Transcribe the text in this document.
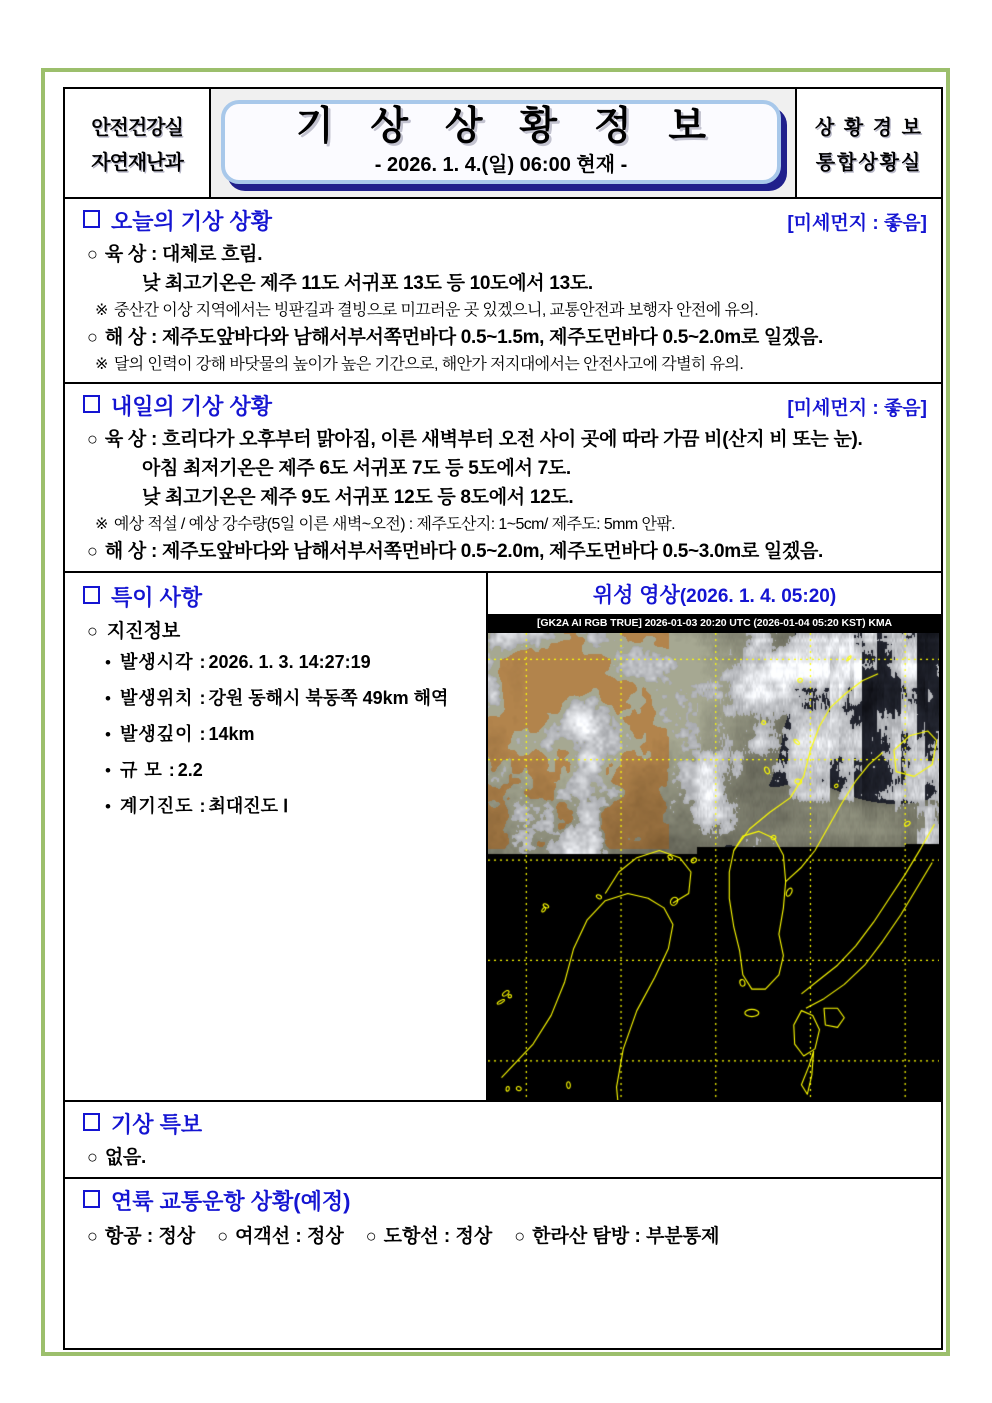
안전건강실
자연재난과
기 상 상 황 정 보
- 2026. 1. 4.(일) 06:00 현재 -
상 황 경 보
통합상황실
오늘의 기상 상황	[미세먼지 : 좋음]
○ 육 상 : 대체로 흐림.
낮 최고기온은 제주 11도 서귀포 13도 등 10도에서 13도.
※ 중산간 이상 지역에서는 빙판길과 결빙으로 미끄러운 곳 있겠으니, 교통안전과 보행자 안전에 유의.
○ 해 상 : 제주도앞바다와 남해서부서쪽먼바다 0.5~1.5m, 제주도먼바다 0.5~2.0m로 일겠음.
※ 달의 인력이 강해 바닷물의 높이가 높은 기간으로, 해안가 저지대에서는 안전사고에 각별히 유의.
내일의 기상 상황	[미세먼지 : 좋음]
○ 육 상 : 흐리다가 오후부터 맑아짐, 이른 새벽부터 오전 사이 곳에 따라 가끔 비(산지 비 또는 눈).
아침 최저기온은 제주 6도 서귀포 7도 등 5도에서 7도.
낮 최고기온은 제주 9도 서귀포 12도 등 8도에서 12도.
※ 예상 적설 / 예상 강수량(5일 이른 새벽~오전) : 제주도산지: 1~5cm/ 제주도: 5mm 안팎.
○ 해 상 : 제주도앞바다와 남해서부서쪽먼바다 0.5~2.0m, 제주도먼바다 0.5~3.0m로 일겠음.
특이 사항
○ 지진정보
• 발생시각 : 2026. 1. 3. 14:27:19
• 발생위치 : 강원 동해시 북동쪽 49km 해역
• 발생깊이 : 14km
• 규 모 : 2.2
• 계기진도 : 최대진도 Ⅰ
위성 영상(2026. 1. 4. 05:20)
[GK2A AI RGB TRUE] 2026-01-03 20:20 UTC (2026-01-04 05:20 KST) KMA
기상 특보
○ 없음.
연륙 교통운항 상황(예정)
○ 항공 : 정상 ○ 여객선 : 정상 ○ 도항선 : 정상 ○ 한라산 탐방 : 부분통제
